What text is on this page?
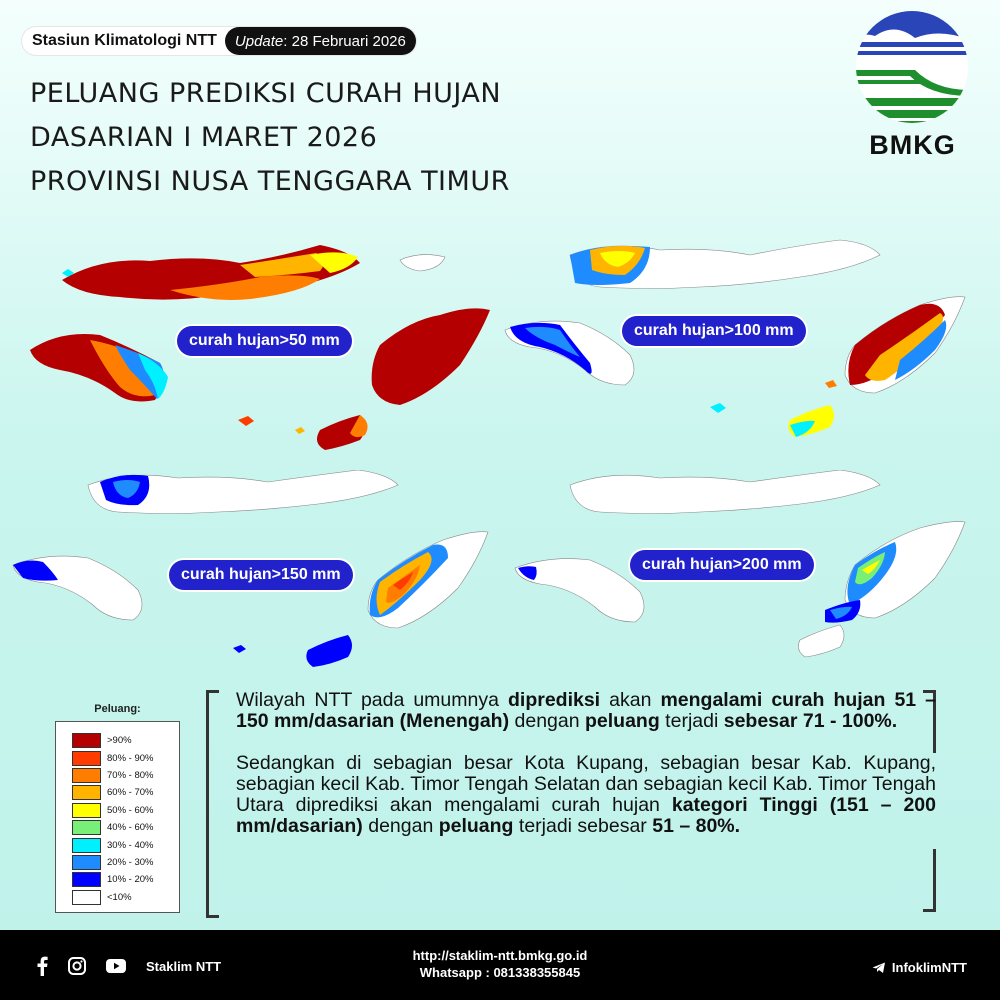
Stasiun Klimatologi NTT	Update : 28 Februari 2026
PELUANG PREDIKSI CURAH HUJAN
DASARIAN I MARET 2026
PROVINSI NUSA TENGGARA TIMUR
BMKG
curah hujan>50 mm
curah hujan>100 mm
curah hujan>150 mm
curah hujan>200 mm
Peluang:
>90%
80% - 90%
70% - 80%
60% - 70%
50% - 60%
40% - 60%
30% - 40%
20% - 30%
10% - 20%
<10%

Wilayah NTT pada umumnya diprediksi akan mengalami curah hujan 51 – 150 mm/dasarian (Menengah) dengan peluang terjadi sebesar 71 - 100%.

Sedangkan di sebagian besar Kota Kupang, sebagian besar Kab. Kupang, sebagian kecil Kab. Timor Tengah Selatan dan sebagian kecil Kab. Timor Tengah Utara diprediksi akan mengalami curah hujan kategori Tinggi (151 – 200 mm/dasarian) dengan peluang terjadi sebesar 51 – 80%.

Staklim NTT
http://staklim-ntt.bmkg.go.id
Whatsapp : 081338355845	InfoklimNTT
